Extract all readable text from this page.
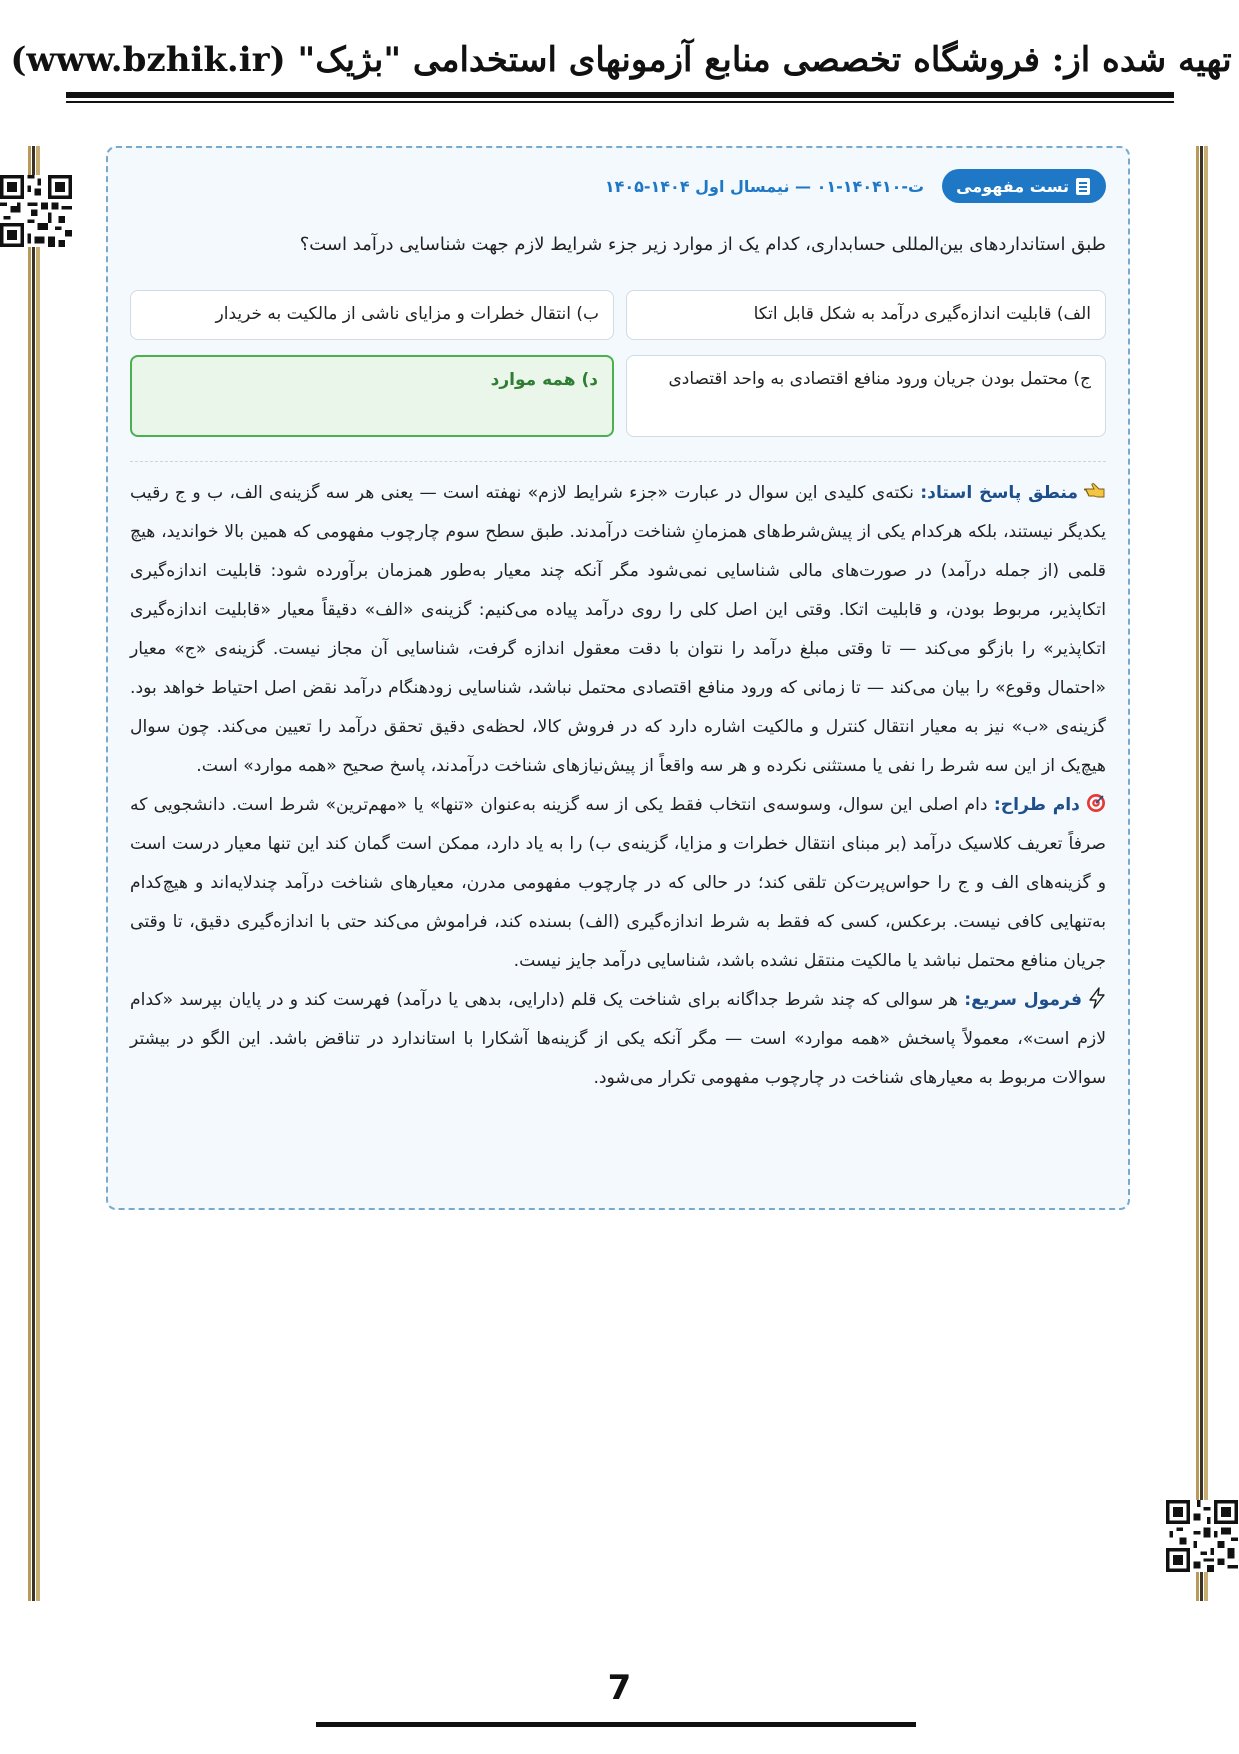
تهیه شده از: فروشگاه تخصصی منابع آزمونهای استخدامی "بژیک" (www.bzhik.ir)
تست مفهومی
ت-۱۴۰۴۱۰-۰۱ — نیمسال اول ۱۴۰۴-۱۴۰۵
طبق استانداردهای بین‌المللی حسابداری، کدام یک از موارد زیر جزء شرایط لازم جهت شناسایی درآمد است؟
الف) قابلیت اندازه‌گیری درآمد به شکل قابل اتکا
ب) انتقال خطرات و مزایای ناشی از مالکیت به خریدار
ج) محتمل بودن جریان ورود منافع اقتصادی به واحد اقتصادی
د) همه موارد

منطق پاسخ استاد: نکته‌ی کلیدی این سوال در عبارت «جزء شرایط لازم» نهفته است — یعنی هر سه گزینه‌ی الف، ب و ج رقیب یکدیگر نیستند، بلکه هرکدام یکی از پیش‌شرط‌های همزمانِ شناخت درآمدند. طبق سطح سوم چارچوب مفهومی که همین بالا خواندید، هیچ قلمی (از جمله درآمد) در صورت‌های مالی شناسایی نمی‌شود مگر آنکه چند معیار به‌طور همزمان برآورده شود: قابلیت اندازه‌گیری اتکاپذیر، مربوط بودن، و قابلیت اتکا. وقتی این اصل کلی را روی درآمد پیاده می‌کنیم: گزینه‌ی «الف» دقیقاً معیار «قابلیت اندازه‌گیری اتکاپذیر» را بازگو می‌کند — تا وقتی مبلغ درآمد را نتوان با دقت معقول اندازه گرفت، شناسایی آن مجاز نیست. گزینه‌ی «ج» معیار «احتمال وقوع» را بیان می‌کند — تا زمانی که ورود منافع اقتصادی محتمل نباشد، شناسایی زودهنگام درآمد نقض اصل احتیاط خواهد بود. گزینه‌ی «ب» نیز به معیار انتقال کنترل و مالکیت اشاره دارد که در فروش کالا، لحظه‌ی دقیق تحقق درآمد را تعیین می‌کند. چون سوال هیچ‌یک از این سه شرط را نفی یا مستثنی نکرده و هر سه واقعاً از پیش‌نیازهای شناخت درآمدند، پاسخ صحیح «همه موارد» است.

دام طراح: دام اصلی این سوال، وسوسه‌ی انتخاب فقط یکی از سه گزینه به‌عنوان «تنها» یا «مهم‌ترین» شرط است. دانشجویی که صرفاً تعریف کلاسیک درآمد (بر مبنای انتقال خطرات و مزایا، گزینه‌ی ب) را به یاد دارد، ممکن است گمان کند این تنها معیار درست است و گزینه‌های الف و ج را حواس‌پرت‌کن تلقی کند؛ در حالی که در چارچوب مفهومی مدرن، معیارهای شناخت درآمد چندلایه‌اند و هیچ‌کدام به‌تنهایی کافی نیست. برعکس، کسی که فقط به شرط اندازه‌گیری (الف) بسنده کند، فراموش می‌کند حتی با اندازه‌گیری دقیق، تا وقتی جریان منافع محتمل نباشد یا مالکیت منتقل نشده باشد، شناسایی درآمد جایز نیست.

فرمول سریع: هر سوالی که چند شرط جداگانه برای شناخت یک قلم (دارایی، بدهی یا درآمد) فهرست کند و در پایان بپرسد «کدام لازم است»، معمولاً پاسخش «همه موارد» است — مگر آنکه یکی از گزینه‌ها آشکارا با استاندارد در تناقض باشد. این الگو در بیشتر سوالات مربوط به معیارهای شناخت در چارچوب مفهومی تکرار می‌شود.

7
